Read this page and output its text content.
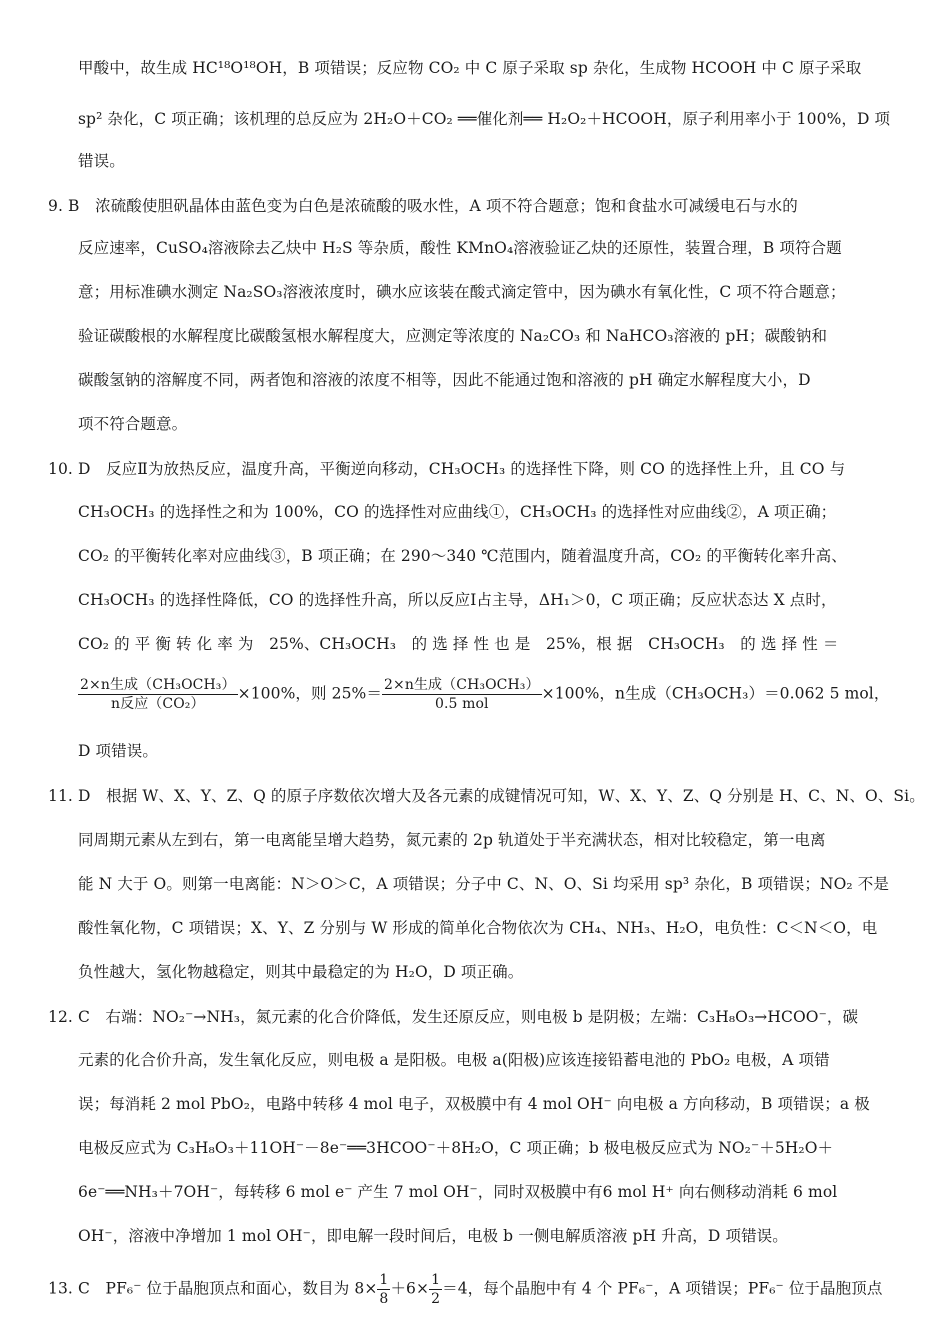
甲酸中，故生成 HC¹⁸O¹⁸OH，B 项错误；反应物 CO₂ 中 C 原子采取 sp 杂化，生成物 HCOOH 中 C 原子采取
sp² 杂化，C 项正确；该机理的总反应为 2H₂O＋CO₂ ══催化剂══ H₂O₂＋HCOOH，原子利用率小于 100%，D 项
错误。
9. B　浓硫酸使胆矾晶体由蓝色变为白色是浓硫酸的吸水性，A 项不符合题意；饱和食盐水可减缓电石与水的
反应速率，CuSO₄溶液除去乙炔中 H₂S 等杂质，酸性 KMnO₄溶液验证乙炔的还原性，装置合理，B 项符合题
意；用标准碘水测定 Na₂SO₃溶液浓度时，碘水应该装在酸式滴定管中，因为碘水有氧化性，C 项不符合题意；
验证碳酸根的水解程度比碳酸氢根水解程度大，应测定等浓度的 Na₂CO₃ 和 NaHCO₃溶液的 pH；碳酸钠和
碳酸氢钠的溶解度不同，两者饱和溶液的浓度不相等，因此不能通过饱和溶液的 pH 确定水解程度大小，D
项不符合题意。
10. D　反应Ⅱ为放热反应，温度升高，平衡逆向移动，CH₃OCH₃ 的选择性下降，则 CO 的选择性上升，且 CO 与
CH₃OCH₃ 的选择性之和为 100%，CO 的选择性对应曲线①，CH₃OCH₃ 的选择性对应曲线②，A 项正确；
CO₂ 的平衡转化率对应曲线③，B 项正确；在 290～340 ℃范围内，随着温度升高，CO₂ 的平衡转化率升高、
CH₃OCH₃ 的选择性降低，CO 的选择性升高，所以反应Ⅰ占主导，ΔH₁＞0，C 项正确；反应状态达 X 点时，
CO₂ 的 平 衡 转 化 率 为　25%、CH₃OCH₃　的 选 择 性 也 是　25%，根 据　CH₃OCH₃　的 选 择 性 ＝
D 项错误。
11. D　根据 W、X、Y、Z、Q 的原子序数依次增大及各元素的成键情况可知，W、X、Y、Z、Q 分别是 H、C、N、O、Si。
同周期元素从左到右，第一电离能呈增大趋势，氮元素的 2p 轨道处于半充满状态，相对比较稳定，第一电离
能 N 大于 O。则第一电离能：N＞O＞C，A 项错误；分子中 C、N、O、Si 均采用 sp³ 杂化，B 项错误；NO₂ 不是
酸性氧化物，C 项错误；X、Y、Z 分别与 W 形成的简单化合物依次为 CH₄、NH₃、H₂O，电负性：C＜N＜O，电
负性越大，氢化物越稳定，则其中最稳定的为 H₂O，D 项正确。
12. C　右端：NO₂⁻→NH₃，氮元素的化合价降低，发生还原反应，则电极 b 是阴极；左端：C₃H₈O₃→HCOO⁻，碳
元素的化合价升高，发生氧化反应，则电极 a 是阳极。电极 a(阳极)应该连接铅蓄电池的 PbO₂ 电极，A 项错
误；每消耗 2 mol PbO₂，电路中转移 4 mol 电子，双极膜中有 4 mol OH⁻ 向电极 a 方向移动，B 项错误；a 极
电极反应式为 C₃H₈O₃＋11OH⁻－8e⁻══3HCOO⁻＋8H₂O，C 项正确；b 极电极反应式为 NO₂⁻＋5H₂O＋
6e⁻══NH₃＋7OH⁻，每转移 6 mol e⁻ 产生 7 mol OH⁻，同时双极膜中有6 mol H⁺ 向右侧移动消耗 6 mol
OH⁻，溶液中净增加 1 mol OH⁻，即电解一段时间后，电极 b 一侧电解质溶液 pH 升高，D 项错误。
$\frac{\text{2×n生成（CH₃OCH₃）}}{\text{n反应（CO₂）}} \times 100\%$，则 $25\%= \frac{\text{2×n生成（CH₃OCH₃）}}{\text{0.5 mol}} \times 100\%$，n生成（CH₃OCH₃）＝0.062 5 mol，
13. C　PF₆⁻ 位于晶胞顶点和面心，数目为 $8\times \frac{1}{8} +6\times \frac{1}{2} =4$，每个晶胞中有 4 个 PF₆⁻，A 项错误；PF₆⁻ 位于晶胞顶点
